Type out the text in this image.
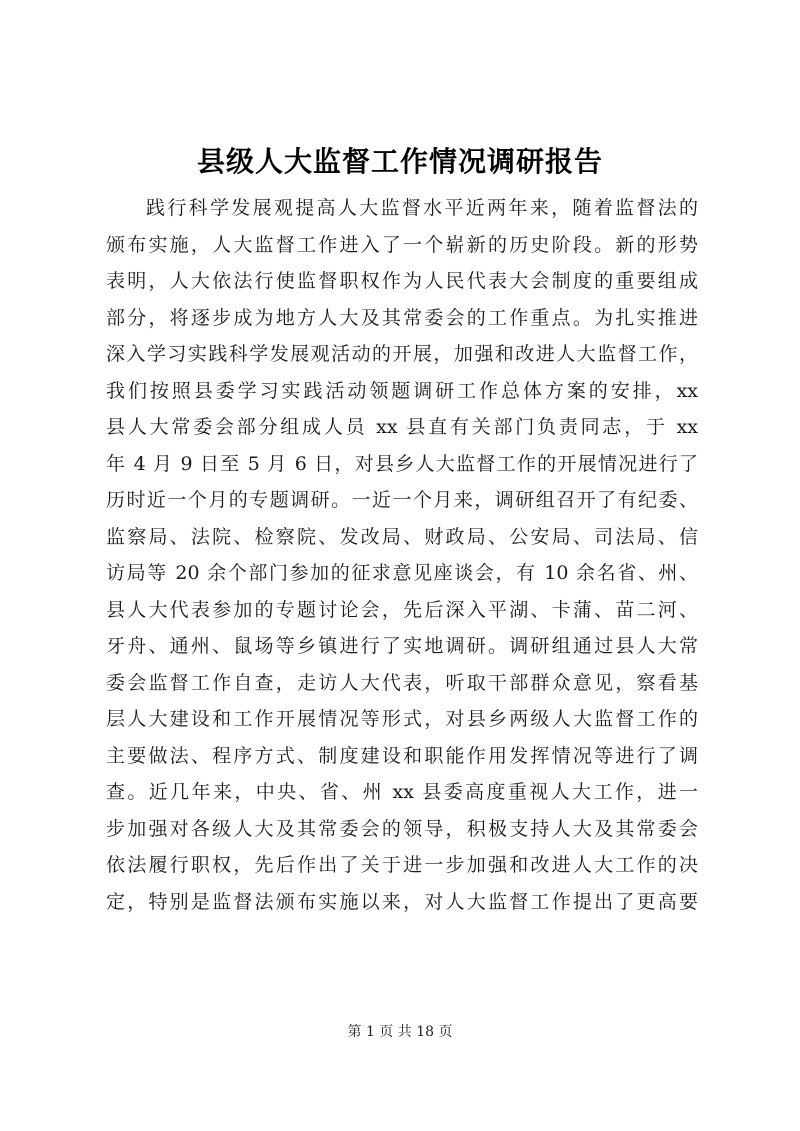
县级人大监督工作情况调研报告
践行科学发展观提高人大监督水平近两年来，随着监督法的
颁布实施，人大监督工作进入了一个崭新的历史阶段。新的形势
表明，人大依法行使监督职权作为人民代表大会制度的重要组成
部分，将逐步成为地方人大及其常委会的工作重点。为扎实推进
深入学习实践科学发展观活动的开展，加强和改进人大监督工作，
我们按照县委学习实践活动领题调研工作总体方案的安排，xx
县人大常委会部分组成人员 xx 县直有关部门负责同志，于 xx
年 4 月 9 日至 5 月 6 日，对县乡人大监督工作的开展情况进行了
历时近一个月的专题调研。一近一个月来，调研组召开了有纪委、
监察局、法院、检察院、发改局、财政局、公安局、司法局、信
访局等 20 余个部门参加的征求意见座谈会，有 10 余名省、州、
县人大代表参加的专题讨论会，先后深入平湖、卡蒲、苗二河、
牙舟、通州、鼠场等乡镇进行了实地调研。调研组通过县人大常
委会监督工作自查，走访人大代表，听取干部群众意见，察看基
层人大建设和工作开展情况等形式，对县乡两级人大监督工作的
主要做法、程序方式、制度建设和职能作用发挥情况等进行了调
查。近几年来，中央、省、州 xx 县委高度重视人大工作，进一
步加强对各级人大及其常委会的领导，积极支持人大及其常委会
依法履行职权，先后作出了关于进一步加强和改进人大工作的决
定，特别是监督法颁布实施以来，对人大监督工作提出了更高要
第 1 页 共 18 页
